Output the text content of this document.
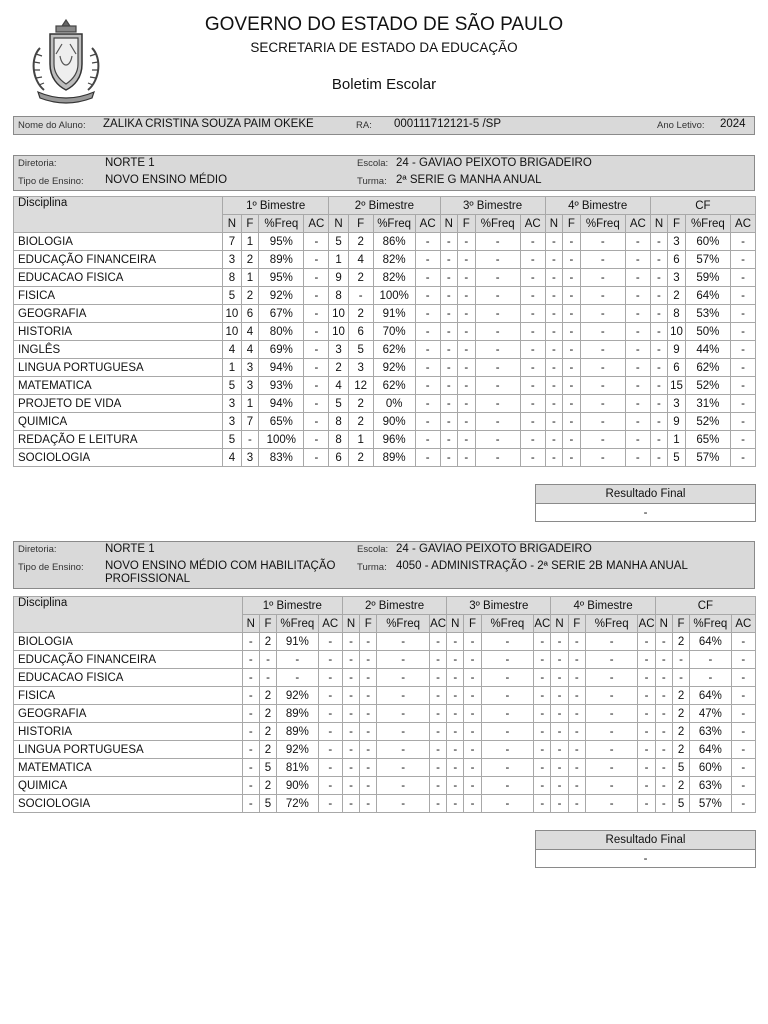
GOVERNO DO ESTADO DE SÃO PAULO
SECRETARIA DE ESTADO DA EDUCAÇÃO
Boletim Escolar
Nome do Aluno: ZALIKA CRISTINA SOUZA PAIM OKEKE	RA: 000111712121-5 /SP	Ano Letivo: 2024
Diretoria:	NORTE 1
Tipo de Ensino: NOVO ENSINO MÉDIO
Escola: 24 - GAVIAO PEIXOTO BRIGADEIRO
Turma: 2ª SERIE G MANHA ANUAL
Disciplina	1º Bimestre				2º Bimestre				3º Bimestre				4º Bimestre				CF			
	N	F	%Freq	AC	N	F	%Freq	AC	N	F	%Freq	AC	N	F	%Freq	AC	N	F	%Freq	AC
BIOLOGIA	7	1	95%	-	5	2	86%	-	-	-	-	-	-	-	-	-	-	3	60%	-
EDUCAÇÃO FINANCEIRA	3	2	89%	-	1	4	82%	-	-	-	-	-	-	-	-	-	-	6	57%	-
EDUCACAO FISICA	8	1	95%	-	9	2	82%	-	-	-	-	-	-	-	-	-	-	3	59%	-
FISICA	5	2	92%	-	8	-	100%	-	-	-	-	-	-	-	-	-	-	2	64%	-
GEOGRAFIA	10	6	67%	-	10	2	91%	-	-	-	-	-	-	-	-	-	-	8	53%	-
HISTORIA	10	4	80%	-	10	6	70%	-	-	-	-	-	-	-	-	-	-	10	50%	-
INGLÊS	4	4	69%	-	3	5	62%	-	-	-	-	-	-	-	-	-	-	9	44%	-
LINGUA PORTUGUESA	1	3	94%	-	2	3	92%	-	-	-	-	-	-	-	-	-	-	6	62%	-
MATEMATICA	5	3	93%	-	4	12	62%	-	-	-	-	-	-	-	-	-	-	15	52%	-
PROJETO DE VIDA	3	1	94%	-	5	2	0%	-	-	-	-	-	-	-	-	-	-	3	31%	-
QUIMICA	3	7	65%	-	8	2	90%	-	-	-	-	-	-	-	-	-	-	9	52%	-
REDAÇÃO E LEITURA	5	-	100%	-	8	1	96%	-	-	-	-	-	-	-	-	-	-	1	65%	-
SOCIOLOGIA	4	3	83%	-	6	2	89%	-	-	-	-	-	-	-	-	-	-	5	57%	-
Resultado Final
-
Diretoria:	NORTE 1
Tipo de Ensino: NOVO ENSINO MÉDIO COM HABILITAÇÃO
PROFISSIONAL
Escola: 24 - GAVIAO PEIXOTO BRIGADEIRO
Turma: 4050 - ADMINISTRAÇÃO - 2ª SERIE 2B MANHA ANUAL
Disciplina	1º Bimestre				2º Bimestre				3º Bimestre				4º Bimestre				CF			
	N	F	%Freq	AC	N	F	%Freq	AC	N	F	%Freq	AC	N	F	%Freq	AC	N	F	%Freq	AC
BIOLOGIA	-	2	91%	-	-	-	-	-	-	-	-	-	-	-	-	-	-	2	64%	-
EDUCAÇÃO FINANCEIRA	-	-	-	-	-	-	-	-	-	-	-	-	-	-	-	-	-	-	-	-
EDUCACAO FISICA	-	-	-	-	-	-	-	-	-	-	-	-	-	-	-	-	-	-	-	-
FISICA	-	2	92%	-	-	-	-	-	-	-	-	-	-	-	-	-	-	2	64%	-
GEOGRAFIA	-	2	89%	-	-	-	-	-	-	-	-	-	-	-	-	-	-	2	47%	-
HISTORIA	-	2	89%	-	-	-	-	-	-	-	-	-	-	-	-	-	-	2	63%	-
LINGUA PORTUGUESA	-	2	92%	-	-	-	-	-	-	-	-	-	-	-	-	-	-	2	64%	-
MATEMATICA	-	5	81%	-	-	-	-	-	-	-	-	-	-	-	-	-	-	5	60%	-
QUIMICA	-	2	90%	-	-	-	-	-	-	-	-	-	-	-	-	-	-	2	63%	-
SOCIOLOGIA	-	5	72%	-	-	-	-	-	-	-	-	-	-	-	-	-	-	5	57%	-
Resultado Final
-
